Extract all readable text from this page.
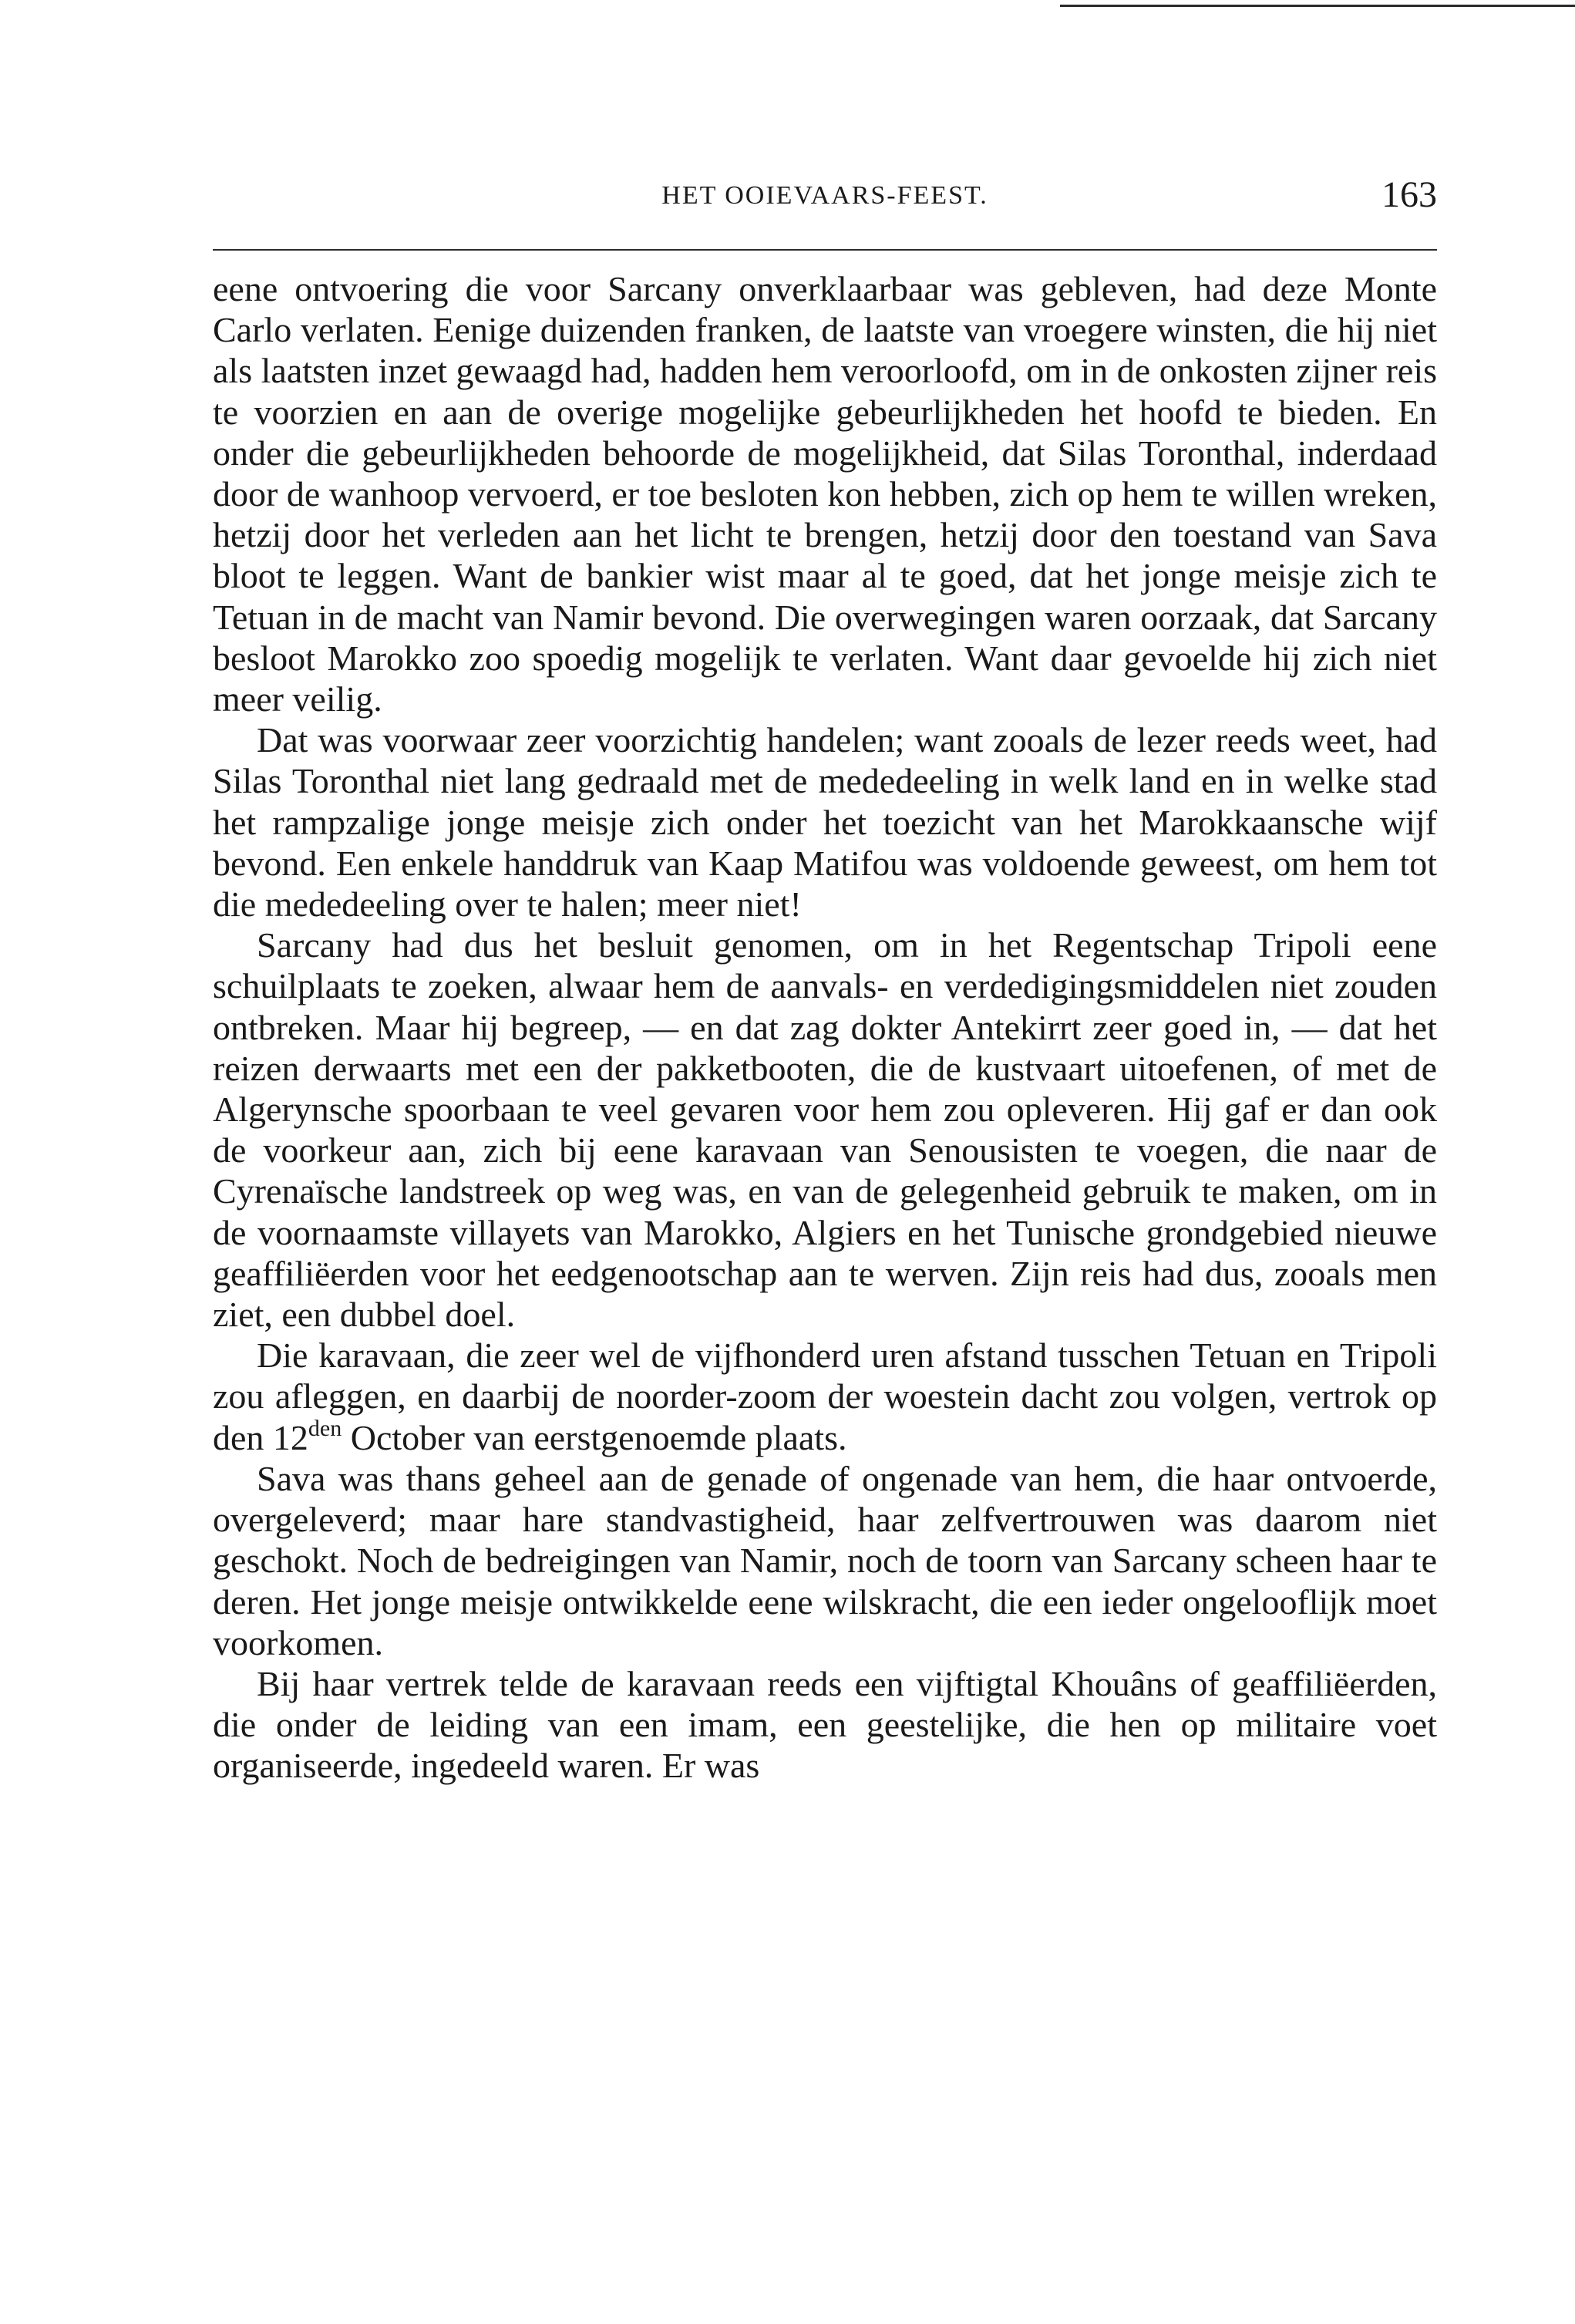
HET OOIEVAARS-FEEST.	163

eene ontvoering die voor Sarcany onverklaarbaar was gebleven, had deze Monte Carlo verlaten. Eenige duizenden franken, de laatste van vroegere winsten, die hij niet als laatsten inzet gewaagd had, hadden hem veroorloofd, om in de onkosten zijner reis te voorzien en aan de overige mogelijke gebeurlijkheden het hoofd te bieden. En onder die gebeurlijkheden behoorde de mogelijkheid, dat Silas Toronthal, inderdaad door de wanhoop vervoerd, er toe besloten kon hebben, zich op hem te willen wreken, hetzij door het verleden aan het licht te brengen, hetzij door den toestand van Sava bloot te leggen. Want de bankier wist maar al te goed, dat het jonge meisje zich te Tetuan in de macht van Namir bevond. Die overwegingen waren oorzaak, dat Sarcany besloot Marokko zoo spoedig mogelijk te verlaten. Want daar gevoelde hij zich niet meer veilig.

Dat was voorwaar zeer voorzichtig handelen; want zooals de lezer reeds weet, had Silas Toronthal niet lang gedraald met de mededeeling in welk land en in welke stad het rampzalige jonge meisje zich onder het toezicht van het Marokkaansche wijf bevond. Een enkele handdruk van Kaap Matifou was voldoende geweest, om hem tot die mededeeling over te halen; meer niet!

Sarcany had dus het besluit genomen, om in het Regentschap Tripoli eene schuilplaats te zoeken, alwaar hem de aanvals- en verdedigingsmiddelen niet zouden ontbreken. Maar hij begreep, — en dat zag dokter Antekirrt zeer goed in, — dat het reizen derwaarts met een der pakketbooten, die de kustvaart uitoefenen, of met de Algerynsche spoorbaan te veel gevaren voor hem zou opleveren. Hij gaf er dan ook de voorkeur aan, zich bij eene karavaan van Senousisten te voegen, die naar de Cyrenaïsche landstreek op weg was, en van de gelegenheid gebruik te maken, om in de voornaamste villayets van Marokko, Algiers en het Tunische grondgebied nieuwe geaffiliëerden voor het eedgenootschap aan te werven. Zijn reis had dus, zooals men ziet, een dubbel doel.

Die karavaan, die zeer wel de vijfhonderd uren afstand tusschen Tetuan en Tripoli zou afleggen, en daarbij de noorder-zoom der woestein dacht zou volgen, vertrok op den $12^{den}$ October van eerstgenoemde plaats.

Sava was thans geheel aan de genade of ongenade van hem, die haar ontvoerde, overgeleverd; maar hare standvastigheid, haar zelfvertrouwen was daarom niet geschokt. Noch de bedreigingen van Namir, noch de toorn van Sarcany scheen haar te deren. Het jonge meisje ontwikkelde eene wilskracht, die een ieder ongelooflijk moet voorkomen.

Bij haar vertrek telde de karavaan reeds een vijftigtal Khouâns of geaffiliëerden, die onder de leiding van een imam, een geestelijke, die hen op militaire voet organiseerde, ingedeeld waren. Er was
